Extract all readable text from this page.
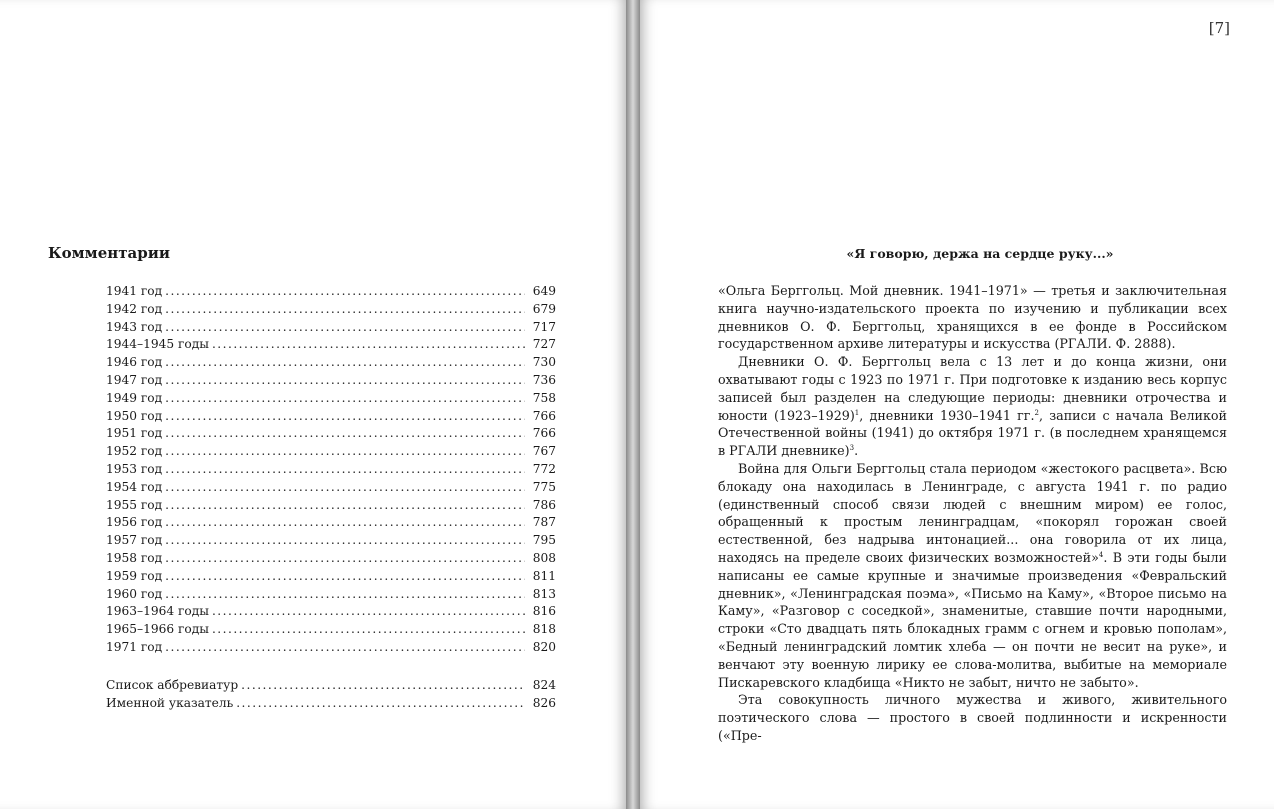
Комментарии
1941 год . . .	649
1942 год . . .	679
1943 год . . .	717
1944–1945 годы . . .	727
1946 год . . .	730
1947 год . . .	736
1949 год . . .	758
1950 год . . .	766
1951 год . . .	766
1952 год . . .	767
1953 год . . .	772
1954 год . . .	775
1955 год . . .	786
1956 год . . .	787
1957 год . . .	795
1958 год . . .	808
1959 год . . .	811
1960 год . . .	813
1963–1964 годы . . .	816
1965–1966 годы . . .	818
1971 год . . .	820
Список аббревиатур . . .	824
Именной указатель . . .	826
[7]
«Я говорю, держа на сердце руку...»

«Ольга Берггольц. Мой дневник. 1941–1971» — третья и заключительная книга научно-издательского проекта по изучению и публикации всех дневников О. Ф. Берггольц, хранящихся в ее фонде в Российском государственном архиве литературы и искусства (РГАЛИ. Ф. 2888).

Дневники О. Ф. Берггольц вела с 13 лет и до конца жизни, они охватывают годы с 1923 по 1971 г. При подготовке к изданию весь корпус записей был разделен на следующие периоды: дневники отрочества и юности (1923–1929)$^1$, дневники 1930–1941 гг.$^2$, записи с начала Великой Отечественной войны (1941) до октября 1971 г. (в последнем хранящемся в РГАЛИ дневнике)$^3$.

Война для Ольги Берггольц стала периодом «жестокого расцвета». Всю блокаду она находилась в Ленинграде, с августа 1941 г. по радио (единственный способ связи людей с внешним миром) ее голос, обращенный к простым ленинградцам, «покорял горожан своей естественной, без надрыва интонацией... она говорила от их лица, находясь на пределе своих физических возможностей»$^4$. В эти годы были написаны ее самые крупные и значимые произведения «Февральский дневник», «Ленинградская поэма», «Письмо на Каму», «Второе письмо на Каму», «Разговор с соседкой», знаменитые, ставшие почти народными, строки «Сто двадцать пять блокадных грамм с огнем и кровью пополам», «Бедный ленинградский ломтик хлеба — он почти не весит на руке», и венчают эту военную лирику ее слова-молитва, выбитые на мемориале Пискаревского кладбища «Никто не забыт, ничто не забыто».

Эта совокупность личного мужества и живого, живительного поэтического слова — простого в своей подлинности и искренности («Пре-
